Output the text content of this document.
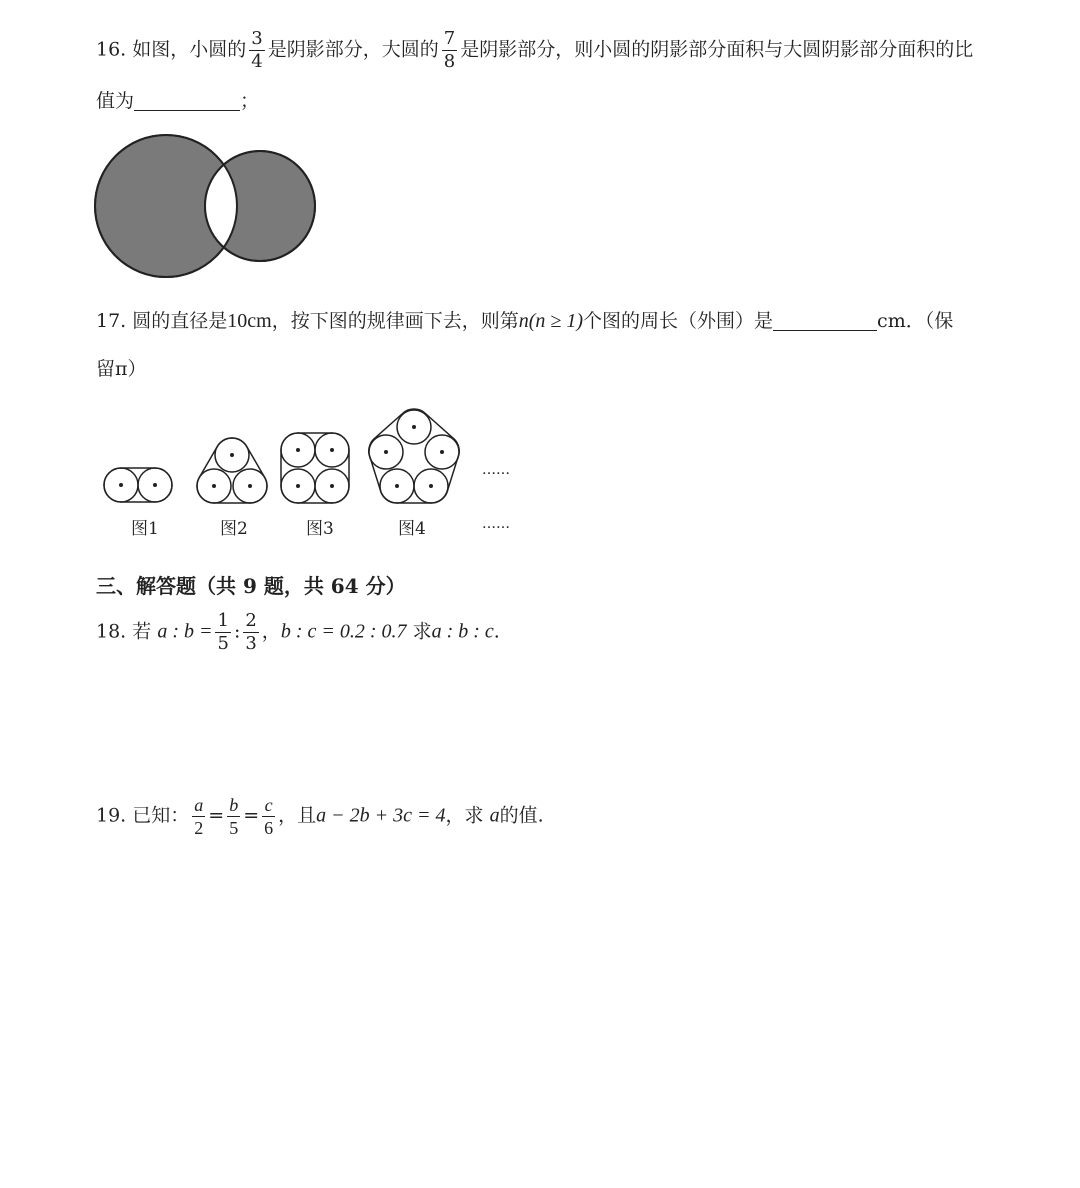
16. 如图，小圆的 $\frac{3}{4}$ 是阴影部分，大圆的 $\frac{7}{8}$ 是阴影部分，则小圆的阴影部分面积与大圆阴影部分面积的比
值为	；
17. 圆的直径是10cm，按下图的规律画下去，则第n(n ≥ 1)个图的周长（外围）是	cm．（保
留π）
图1	图2	图3	图4
……
……
三、解答题（共 9 题，共 64 分）
18. 若 a : $b = \frac{1}{5}$ : $\frac{2}{3}$ ，b : c = 0.2 : 0.7 求a : b : c.
19. 已知： $\frac{a}{2} = \frac{b}{5} = \frac{c}{6}$ ，且a − 2b + 3c = 4，求 a的值.
